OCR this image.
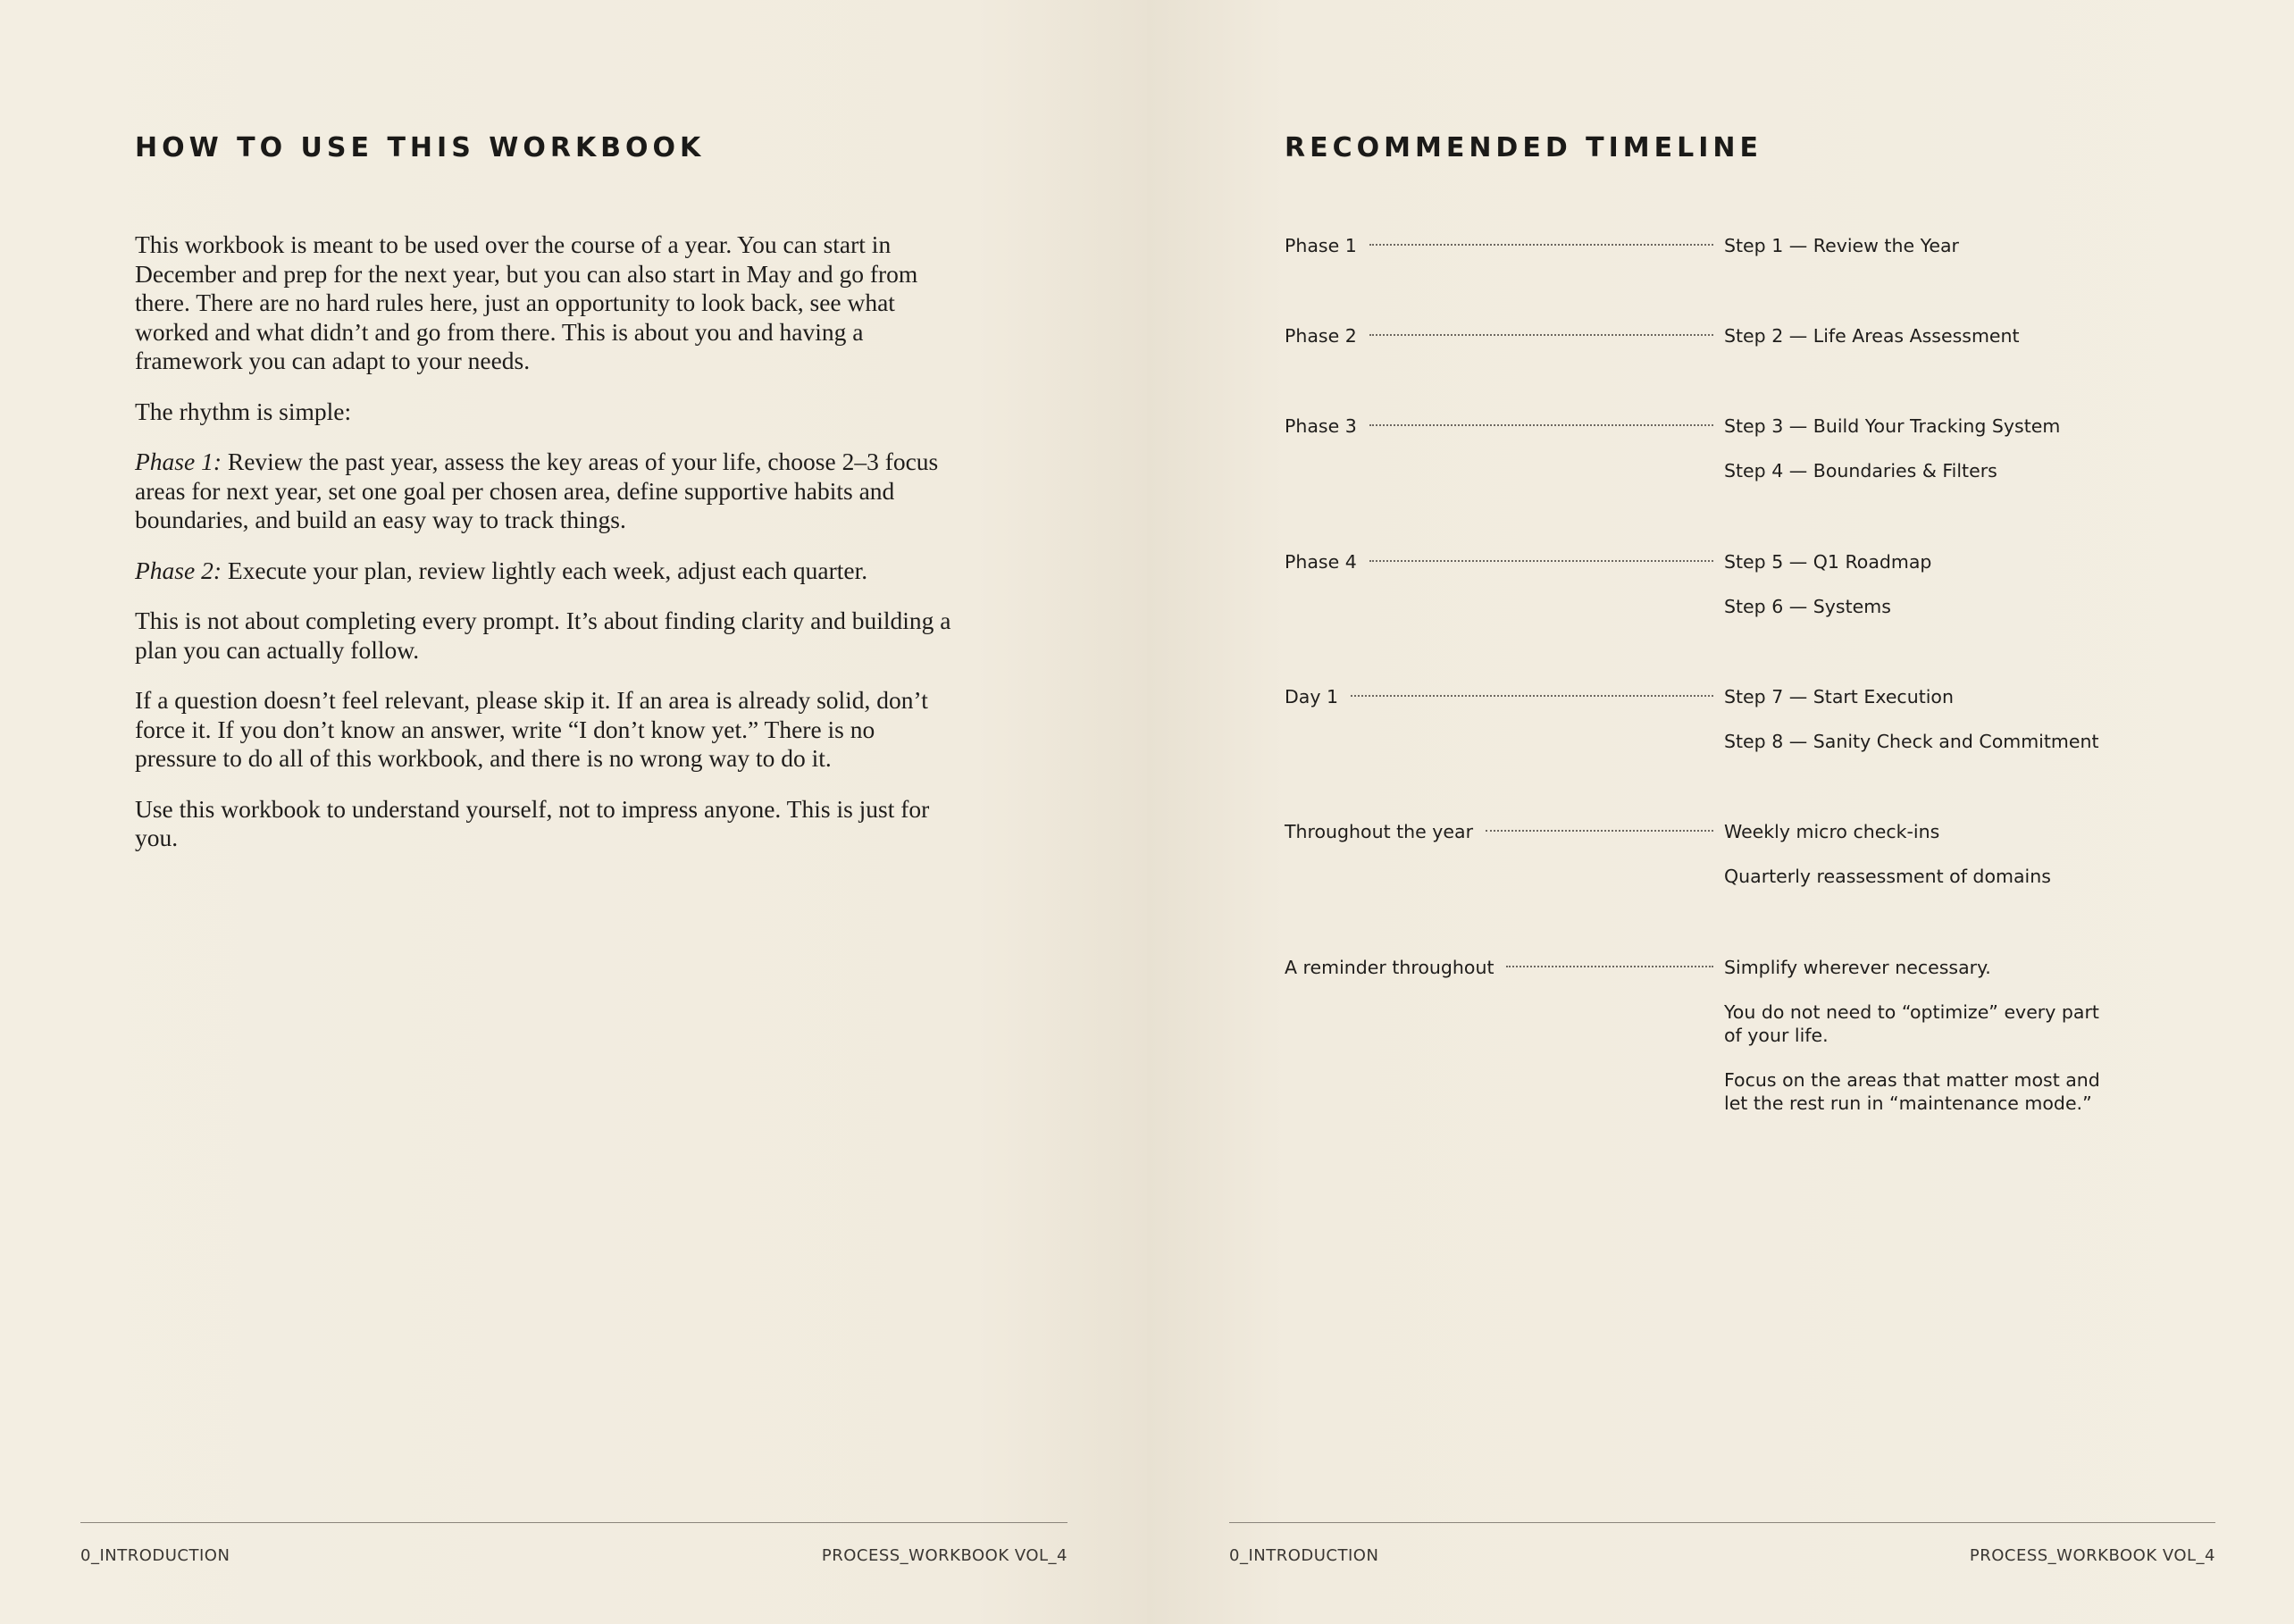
HOW TO USE THIS WORKBOOK

This workbook is meant to be used over the course of a year. You can start in December and prep for the next year, but you can also start in May and go from there. There are no hard rules here, just an opportunity to look back, see what worked and what didn’t and go from there. This is about you and having a framework you can adapt to your needs.

The rhythm is simple:

Phase 1: Review the past year, assess the key areas of your life, choose 2–3 focus areas for next year, set one goal per chosen area, define supportive habits and boundaries, and build an easy way to track things.

Phase 2: Execute your plan, review lightly each week, adjust each quarter.

This is not about completing every prompt. It’s about finding clarity and building a plan you can actually follow.

If a question doesn’t feel relevant, please skip it. If an area is already solid, don’t force it. If you don’t know an answer, write “I don’t know yet.” There is no pressure to do all of this workbook, and there is no wrong way to do it.

Use this workbook to understand yourself, not to impress anyone. This is just for you.

0_INTRODUCTION	PROCESS_WORKBOOK VOL_4
RECOMMENDED TIMELINE
Phase 1	Step 1 — Review the Year
Phase 2	Step 2 — Life Areas Assessment
Phase 3	Step 3 — Build Your Tracking System
Step 4 — Boundaries & Filters
Phase 4	Step 5 — Q1 Roadmap
Step 6 — Systems
Day 1	Step 7 — Start Execution
Step 8 — Sanity Check and Commitment
Throughout the year	Weekly micro check-ins
Quarterly reassessment of domains
A reminder throughout	Simplify wherever necessary.
You do not need to “optimize” every part of your life.
Focus on the areas that matter most and let the rest run in “maintenance mode.”
0_INTRODUCTION	PROCESS_WORKBOOK VOL_4
